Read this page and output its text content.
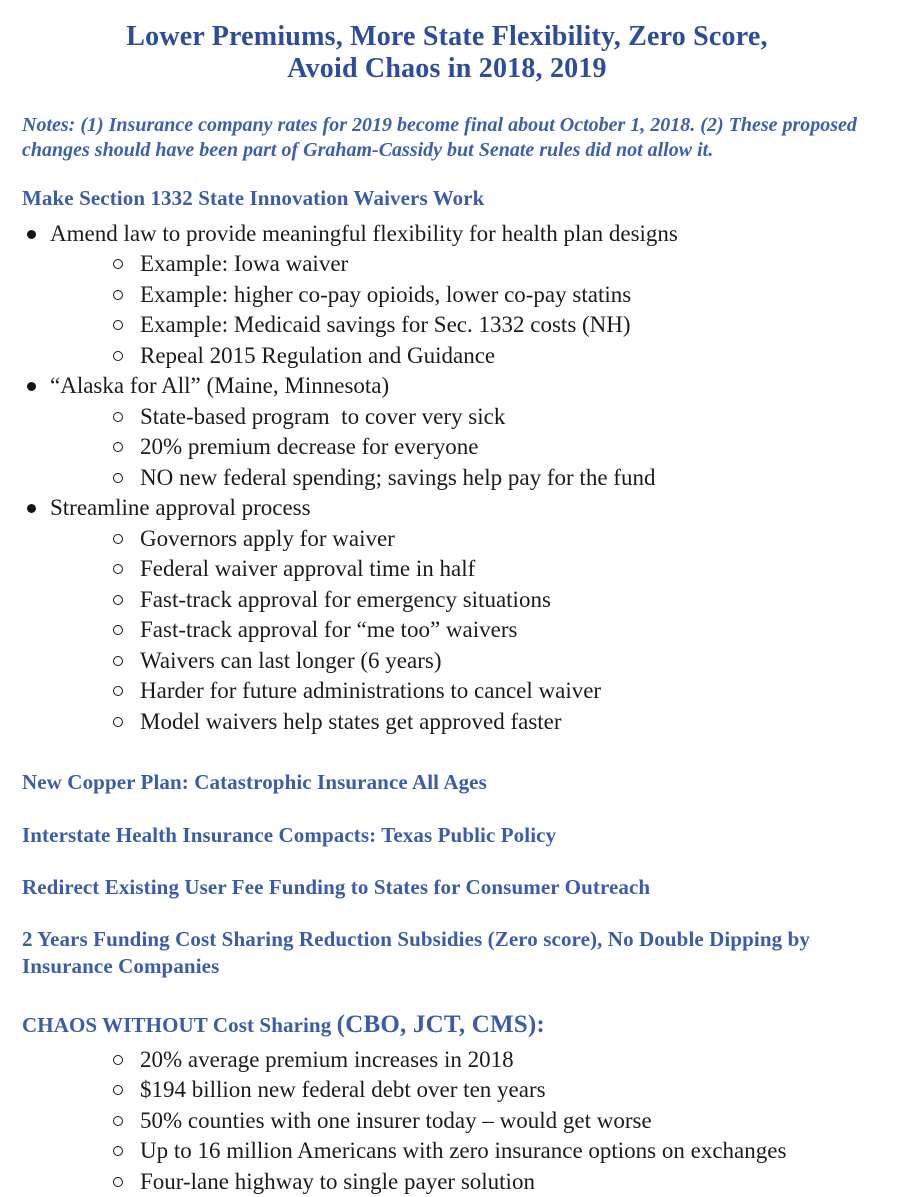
Lower Premiums, More State Flexibility, Zero Score,
Avoid Chaos in 2018, 2019

Notes: (1) Insurance company rates for 2019 become final about October 1, 2018. (2) These proposed changes should have been part of Graham-Cassidy but Senate rules did not allow it.

Make Section 1332 State Innovation Waivers Work
Amend law to provide meaningful flexibility for health plan designs
Example: Iowa waiver
Example: higher co-pay opioids, lower co-pay statins
Example: Medicaid savings for Sec. 1332 costs (NH)
Repeal 2015 Regulation and Guidance
“Alaska for All” (Maine, Minnesota)
State-based program  to cover very sick
20% premium decrease for everyone
NO new federal spending; savings help pay for the fund
Streamline approval process
Governors apply for waiver
Federal waiver approval time in half
Fast-track approval for emergency situations
Fast-track approval for “me too” waivers
Waivers can last longer (6 years)
Harder for future administrations to cancel waiver
Model waivers help states get approved faster
New Copper Plan: Catastrophic Insurance All Ages
Interstate Health Insurance Compacts: Texas Public Policy
Redirect Existing User Fee Funding to States for Consumer Outreach
2 Years Funding Cost Sharing Reduction Subsidies (Zero score), No Double Dipping by Insurance Companies
CHAOS WITHOUT Cost Sharing (CBO, JCT, CMS):
20% average premium increases in 2018
$194 billion new federal debt over ten years
50% counties with one insurer today – would get worse
Up to 16 million Americans with zero insurance options on exchanges
Four-lane highway to single payer solution
